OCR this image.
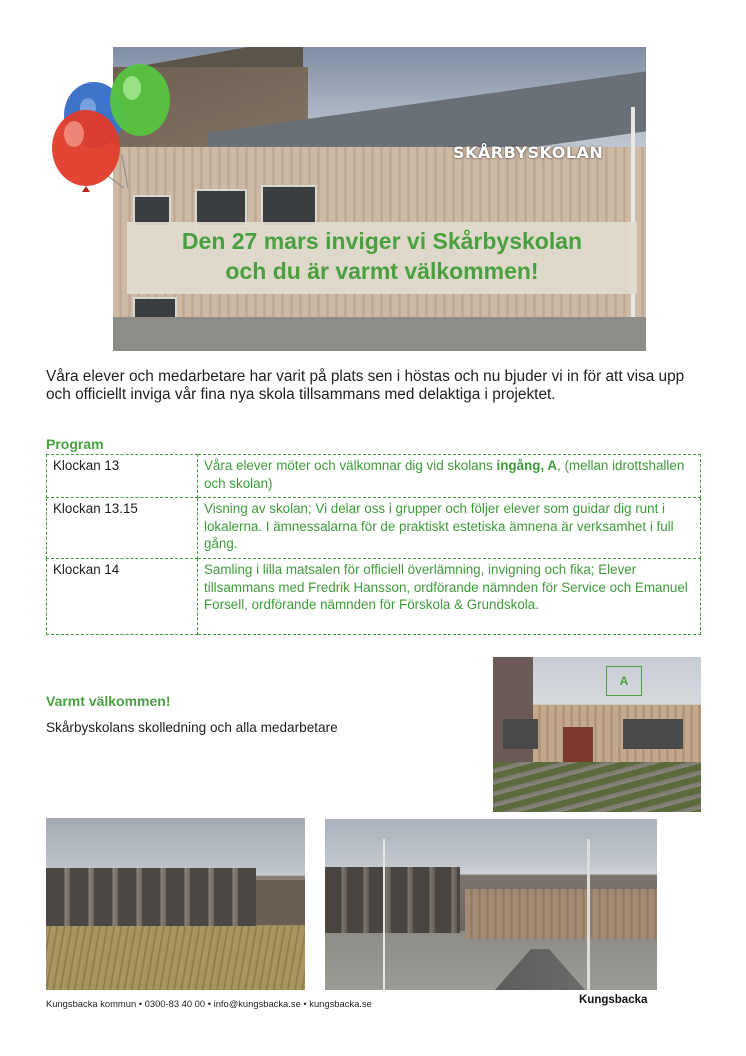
SKÅRBYSKOLAN
Den 27 mars inviger vi Skårbyskolan
och du är varmt välkommen!
Våra elever och medarbetare har varit på plats sen i höstas och nu bjuder vi in för att visa upp och officiellt inviga vår fina nya skola tillsammans med delaktiga i projektet.
Program
Klockan 13	Våra elever möter och välkomnar dig vid skolans ingång, A, (mellan idrottshallen och skolan)
Klockan 13.15	Visning av skolan; Vi delar oss i grupper och följer elever som guidar dig runt i lokalerna. I ämnessalarna för de praktiskt estetiska ämnena är verksamhet i full gång.
Klockan 14	Samling i lilla matsalen för officiell överlämning, invigning och fika; Elever tillsammans med Fredrik Hansson, ordförande nämnden för Service och Emanuel Forsell, ordförande nämnden för Förskola & Grundskola.
Varmt välkommen!
Skårbyskolans skolledning och alla medarbetare
A
Kungsbacka kommun • 0300-83 40 00 • info@kungsbacka.se • kungsbacka.se	Kungsbacka
